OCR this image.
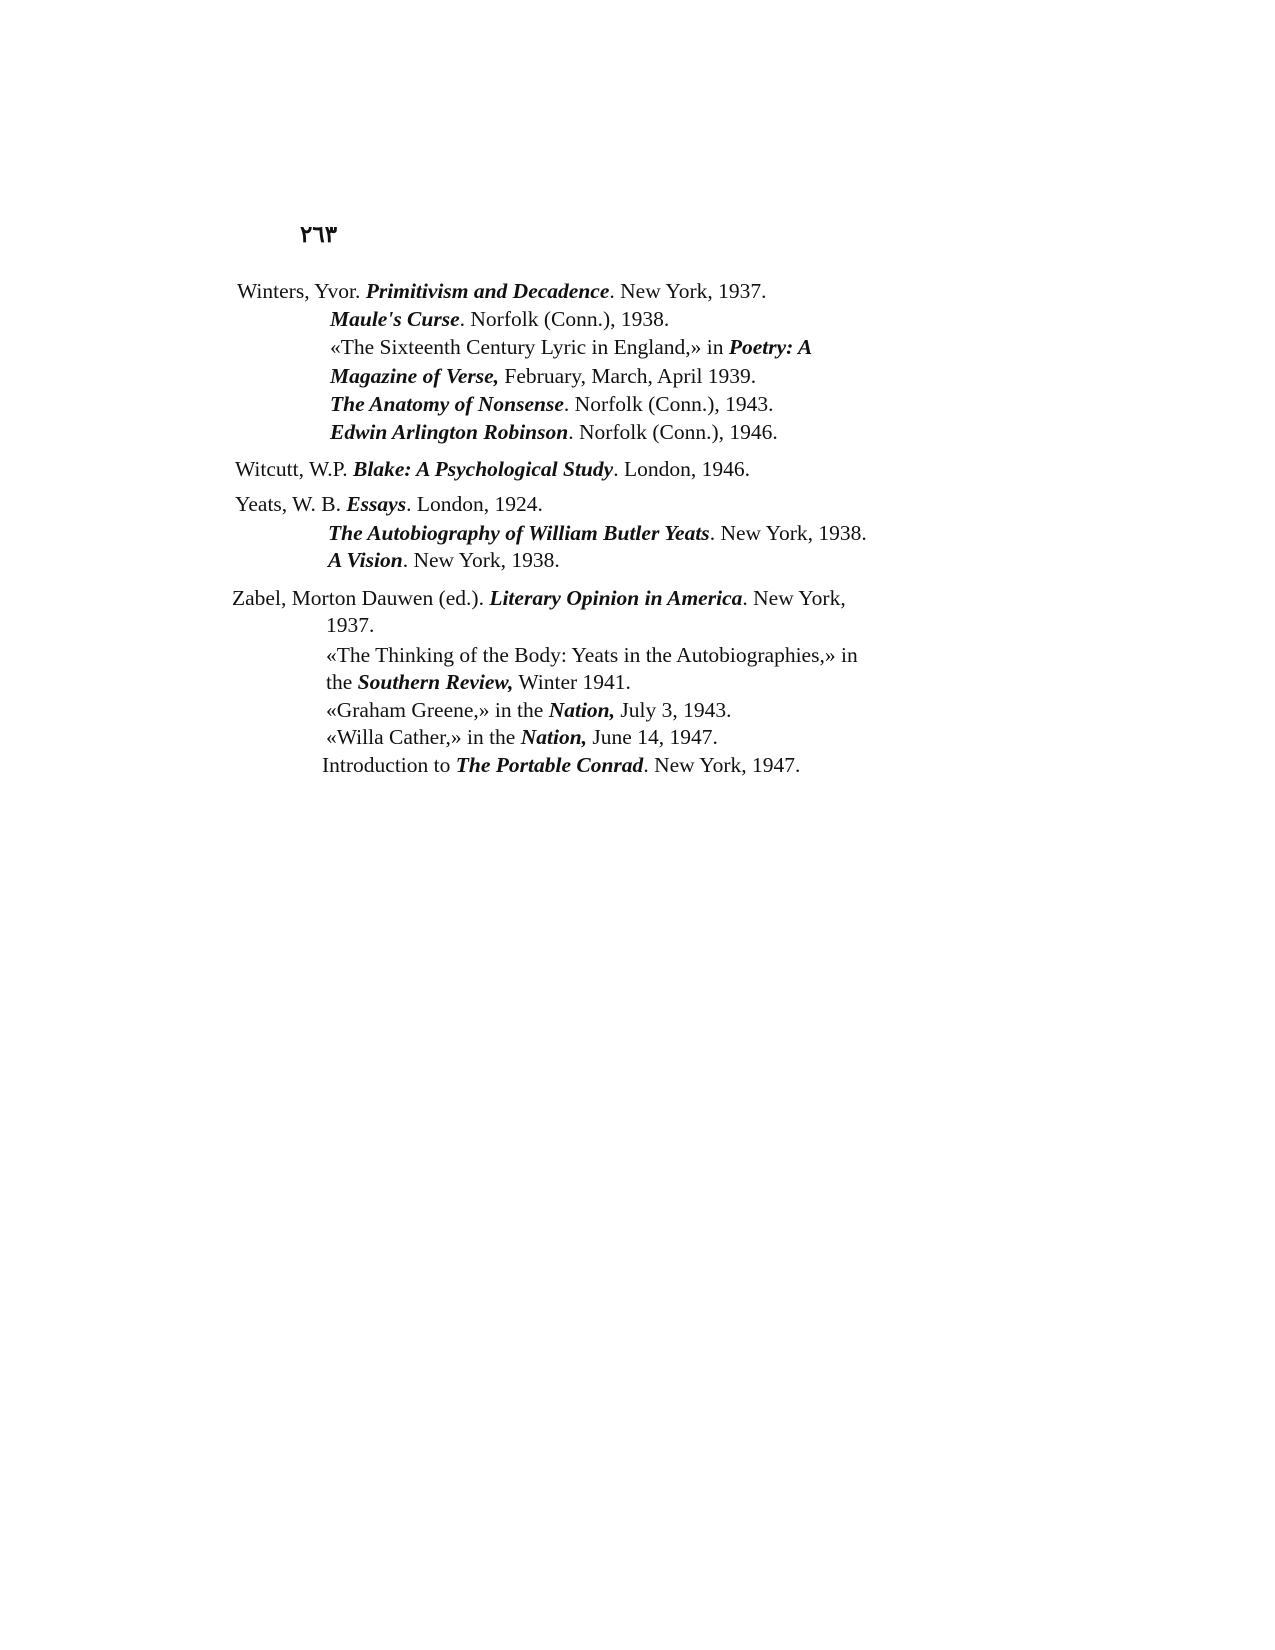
٢٦٣
Winters, Yvor. Primitivism and Decadence. New York, 1937.
Maule's Curse. Norfolk (Conn.), 1938.
«The Sixteenth Century Lyric in England,» in Poetry: A
Magazine of Verse, February, March, April 1939.
The Anatomy of Nonsense. Norfolk (Conn.), 1943.
Edwin Arlington Robinson. Norfolk (Conn.), 1946.
Witcutt, W.P. Blake: A Psychological Study. London, 1946.
Yeats, W. B. Essays. London, 1924.
The Autobiography of William Butler Yeats. New York, 1938.
A Vision. New York, 1938.
Zabel, Morton Dauwen (ed.). Literary Opinion in America. New York,
1937.
«The Thinking of the Body: Yeats in the Autobiographies,» in
the Southern Review, Winter 1941.
«Graham Greene,» in the Nation, July 3, 1943.
«Willa Cather,» in the Nation, June 14, 1947.
Introduction to The Portable Conrad. New York, 1947.
